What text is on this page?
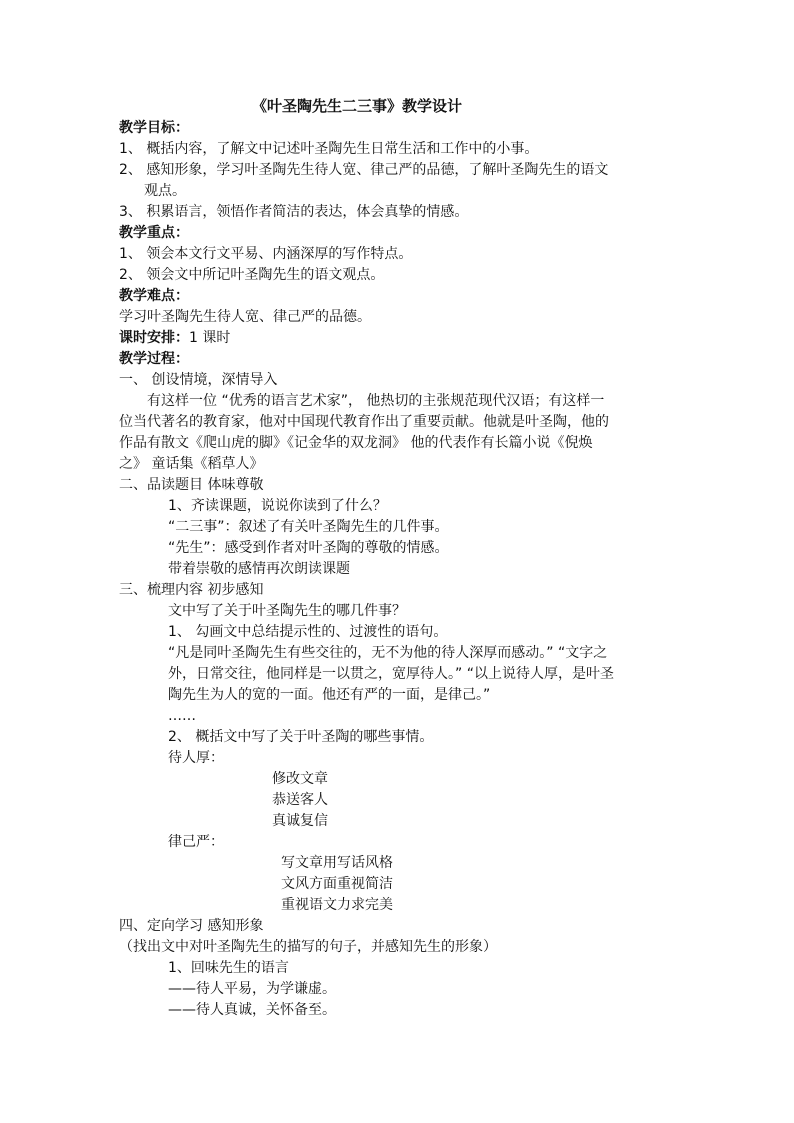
《叶圣陶先生二三事》教学设计
教学目标：
1、 概括内容，了解文中记述叶圣陶先生日常生活和工作中的小事。
2、 感知形象，学习叶圣陶先生待人宽、律己严的品德，了解叶圣陶先生的语文
观点。
3、 积累语言，领悟作者简洁的表达，体会真挚的情感。
教学重点：
1、 领会本文行文平易、内涵深厚的写作特点。
2、 领会文中所记叶圣陶先生的语文观点。
教学难点：
学习叶圣陶先生待人宽、律己严的品德。
课时安排：1 课时
教学过程：
一、 创设情境，深情导入
有这样一位 “优秀的语言艺术家”， 他热切的主张规范现代汉语；有这样一
位当代著名的教育家，他对中国现代教育作出了重要贡献。他就是叶圣陶，他的
作品有散文《爬山虎的脚》《记金华的双龙洞》 他的代表作有长篇小说《倪焕
之》 童话集《稻草人》
二、品读题目 体味尊敬
1、齐读课题，说说你读到了什么？
“二三事”：叙述了有关叶圣陶先生的几件事。
“先生”：感受到作者对叶圣陶的尊敬的情感。
带着崇敬的感情再次朗读课题
三、梳理内容 初步感知
文中写了关于叶圣陶先生的哪几件事？
1、 勾画文中总结提示性的、过渡性的语句。
“凡是同叶圣陶先生有些交往的，无不为他的待人深厚而感动。” “文字之
外，日常交往，他同样是一以贯之，宽厚待人。” “以上说待人厚，是叶圣
陶先生为人的宽的一面。他还有严的一面，是律己。”
……
2、 概括文中写了关于叶圣陶的哪些事情。
待人厚：
修改文章
恭送客人
真诚复信
律己严：
写文章用写话风格
文风方面重视简洁
重视语文力求完美
四、定向学习 感知形象
（找出文中对叶圣陶先生的描写的句子，并感知先生的形象）
1、回味先生的语言
——待人平易，为学谦虚。
——待人真诚，关怀备至。
